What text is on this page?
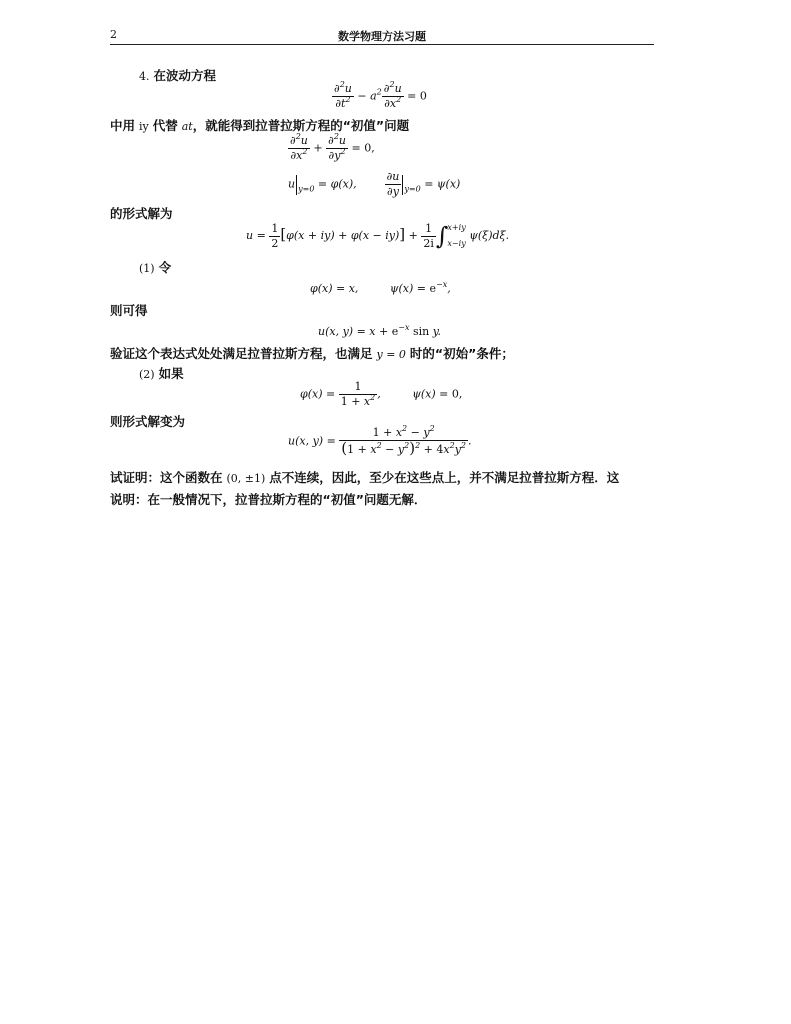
2	数学物理方法习题
4. 在波动方程
$\frac{\partial^2u}{\partial t^2} - a^2 \frac{\partial^2u}{\partial x^2} = 0$
中用 iy 代替 at，就能得到拉普拉斯方程的“初值”问题
$\frac{\partial^2u}{\partial x^2} + \frac{\partial^2u}{\partial y^2} = 0$,
u $_{y=0}$ = φ(x), $\frac{\partial u}{\partial y} _{y=0} = \psi(x)$
的形式解为
$u = \frac{1}{2} [\varphi(x + iy) + \varphi(x - iy)] + \frac{1}{2i}$ ∫ x+iy
x−iy
ψ(ξ)dξ.
(1) 令
φ(x) = x,         $\psi(x) = e^{-x}$,
则可得
u(x, $y) = x + e^{-x}$ sin y.
验证这个表达式处处满足拉普拉斯方程，也满足 y = 0 时的“初始”条件；
(2) 如果
$\varphi(x) = \frac{1}{1 + x^2}$ ,         ψ(x) = 0,
则形式解变为
u(x, $y) = \frac{1 + x^2 - y^2}{(1 + x^2 - y^2)^2 + 4x^2y^2}$ .
试证明：这个函数在 (0, ±1) 点不连续，因此，至少在这些点上，并不满足拉普拉斯方程．这
说明：在一般情况下，拉普拉斯方程的“初值”问题无解．
